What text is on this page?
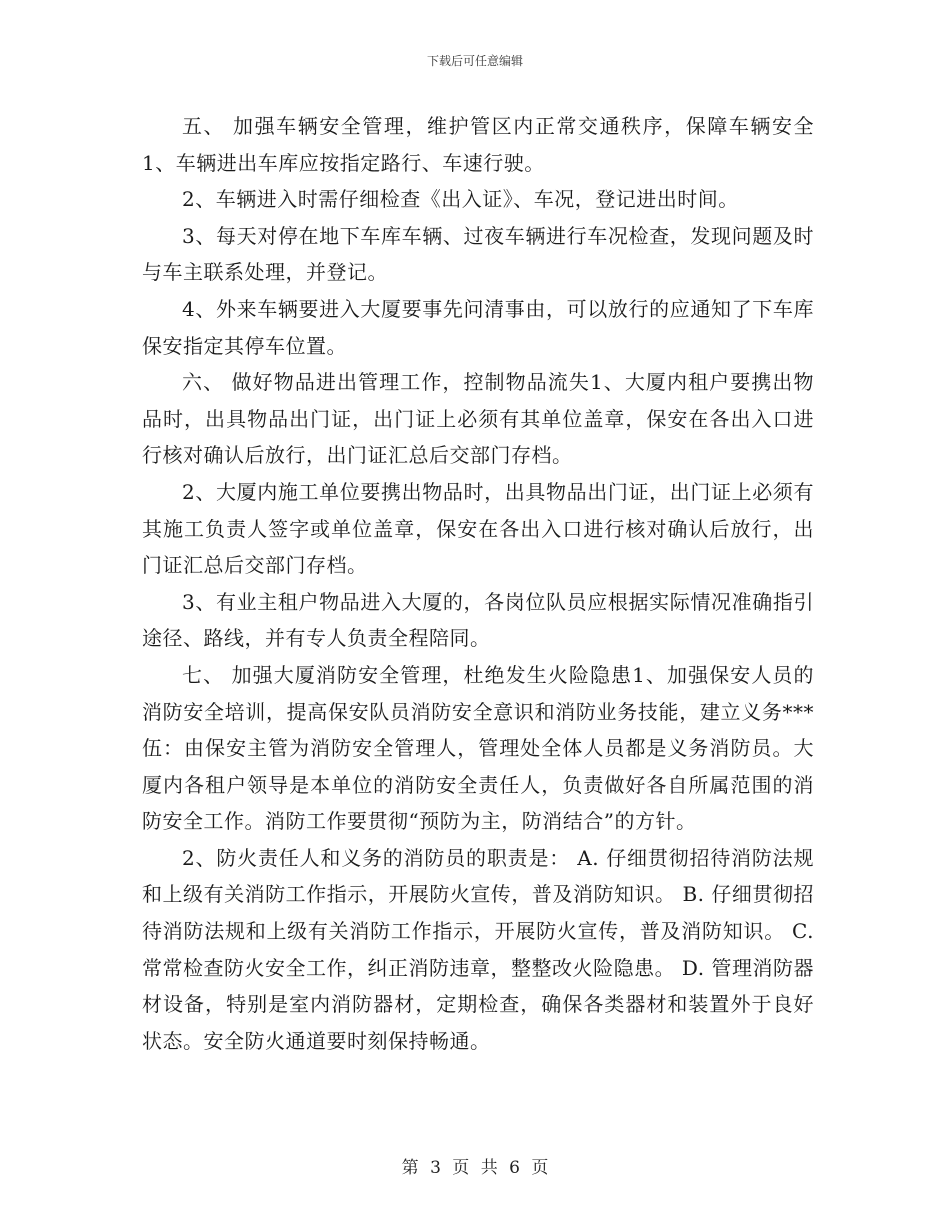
下载后可任意编辑

五、 加强车辆安全管理，维护管区内正常交通秩序，保障车辆安全1、车辆进出车库应按指定路行、车速行驶。

2、车辆进入时需仔细检查《出入证》、车况，登记进出时间。

3、每天对停在地下车库车辆、过夜车辆进行车况检查，发现问题及时与车主联系处理，并登记。

4、外来车辆要进入大厦要事先问清事由，可以放行的应通知了下车库保安指定其停车位置。

六、 做好物品进出管理工作，控制物品流失1、大厦内租户要携出物品时，出具物品出门证，出门证上必须有其单位盖章，保安在各出入口进行核对确认后放行，出门证汇总后交部门存档。

2、大厦内施工单位要携出物品时，出具物品出门证，出门证上必须有其施工负责人签字或单位盖章，保安在各出入口进行核对确认后放行，出门证汇总后交部门存档。

3、有业主租户物品进入大厦的，各岗位队员应根据实际情况准确指引途径、路线，并有专人负责全程陪同。

七、 加强大厦消防安全管理，杜绝发生火险隐患1、加强保安人员的消防安全培训，提高保安队员消防安全意识和消防业务技能，建立义务***伍：由保安主管为消防安全管理人，管理处全体人员都是义务消防员。大厦内各租户领导是本单位的消防安全责任人，负责做好各自所属范围的消防安全工作。消防工作要贯彻“预防为主，防消结合”的方针。

2、防火责任人和义务的消防员的职责是： A. 仔细贯彻招待消防法规和上级有关消防工作指示，开展防火宣传，普及消防知识。 B. 仔细贯彻招待消防法规和上级有关消防工作指示，开展防火宣传，普及消防知识。 C. 常常检查防火安全工作，纠正消防违章，整整改火险隐患。 D. 管理消防器材设备，特别是室内消防器材，定期检查，确保各类器材和装置外于良好状态。安全防火通道要时刻保持畅通。

第 3 页 共 6 页
